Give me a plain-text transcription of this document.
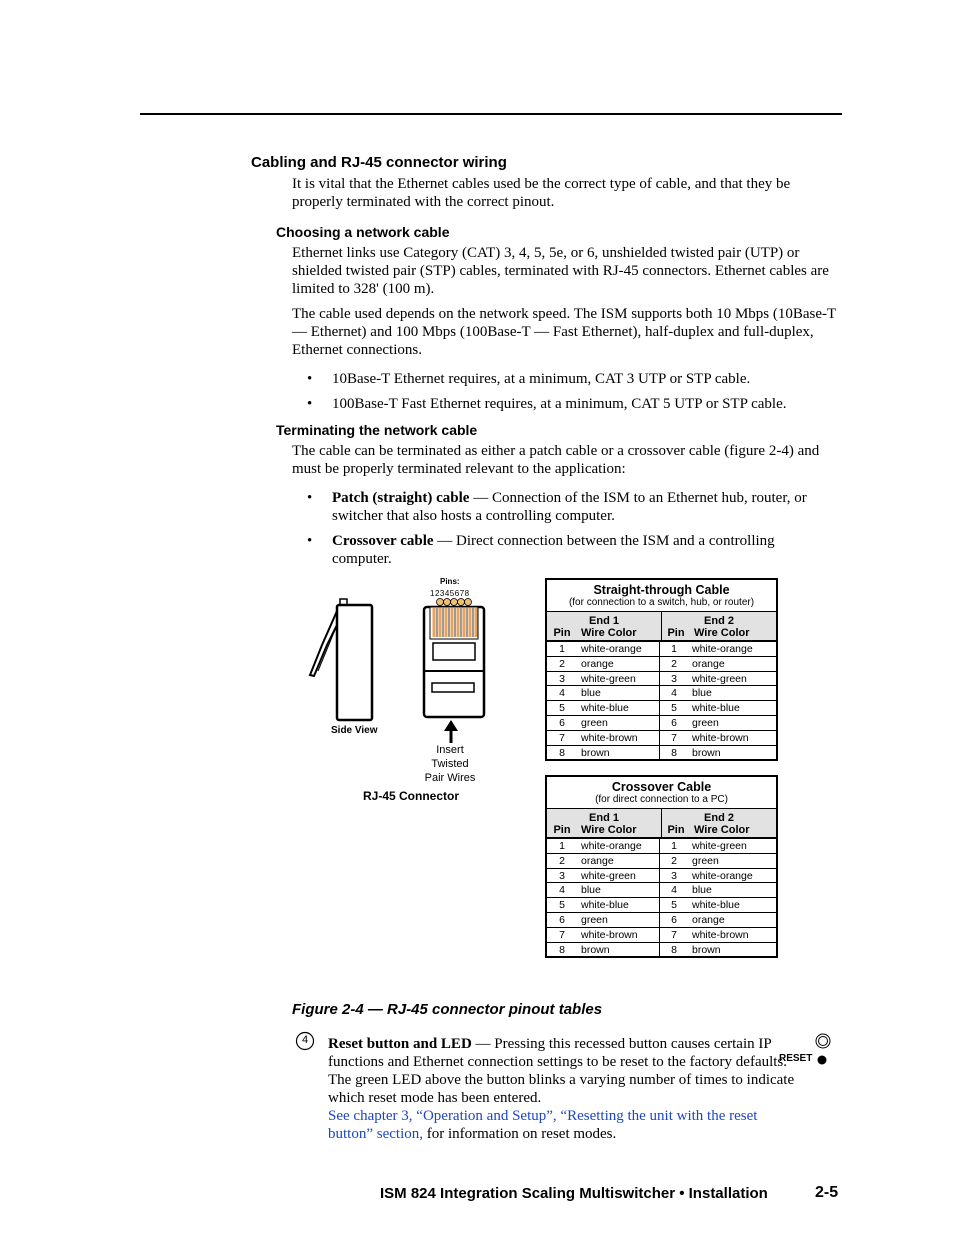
Cabling and RJ-45 connector wiring

It is vital that the Ethernet cables used be the correct type of cable, and that they be properly terminated with the correct pinout.

Choosing a network cable

Ethernet links use Category (CAT) 3, 4, 5, 5e, or 6, unshielded twisted pair (UTP) or shielded twisted pair (STP) cables, terminated with RJ-45 connectors. Ethernet cables are limited to 328' (100 m).

The cable used depends on the network speed. The ISM supports both 10 Mbps (10Base-T — Ethernet) and 100 Mbps (100Base-T — Fast Ethernet), half-duplex and full-duplex, Ethernet connections.

• 10Base-T Ethernet requires, at a minimum, CAT 3 UTP or STP cable.

• 100Base-T Fast Ethernet requires, at a minimum, CAT 5 UTP or STP cable.

Terminating the network cable

The cable can be terminated as either a patch cable or a crossover cable (figure 2-4) and must be properly terminated relevant to the application:

• Patch (straight) cable — Connection of the ISM to an Ethernet hub, router, or switcher that also hosts a controlling computer.

• Crossover cable — Direct connection between the ISM and a controlling computer.

Pins:
12345678
Side View
Insert
Twisted
Pair Wires
RJ-45 Connector
Straight-through Cable
(for connection to a switch, hub, or router)
End 1
Pin Wire Color
End 2
Pin Wire Color
1	white-orange	1	white-orange
2	orange	2	orange
3	white-green	3	white-green
4	blue	4	blue
5	white-blue	5	white-blue
6	green	6	green
7	white-brown	7	white-brown
8	brown	8	brown
Crossover Cable
(for direct connection to a PC)
End 1
Pin Wire Color
End 2
Pin Wire Color
1	white-orange	1	white-green
2	orange	2	green
3	white-green	3	white-orange
4	blue	4	blue
5	white-blue	5	white-blue
6	green	6	orange
7	white-brown	7	white-brown
8	brown	8	brown

Figure 2-4 — RJ-45 connector pinout tables

4	Reset button and LED — Pressing this recessed button causes certain IP functions and Ethernet connection settings to be reset to the factory defaults. The green LED above the button blinks a varying number of times to indicate which reset mode has been entered.
See chapter 3, “Operation and Setup”, “Resetting the unit with the reset button” section, for information on reset modes.

RESET

ISM 824 Integration Scaling Multiswitcher • Installation	2-5
